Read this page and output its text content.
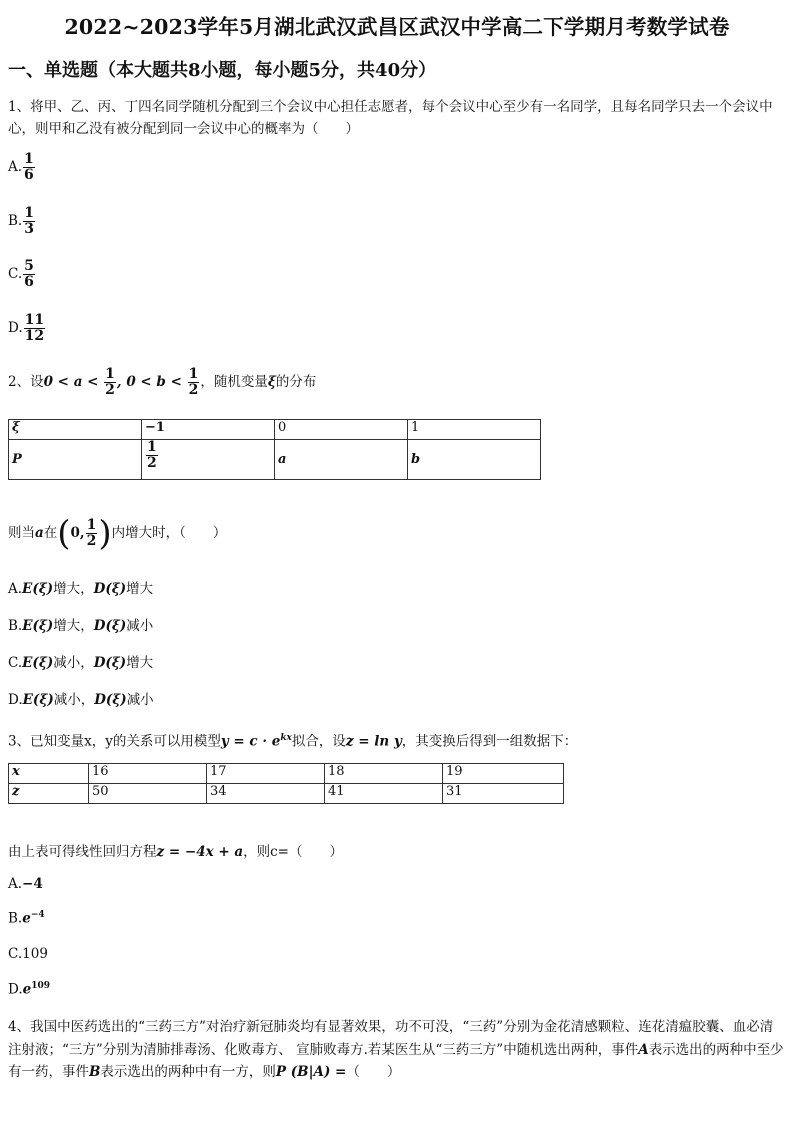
2022~2023学年5月湖北武汉武昌区武汉中学高二下学期月考数学试卷
一、单选题（本大题共8小题，每小题5分，共40分）
1、将甲、乙、丙、丁四名同学随机分配到三个会议中心担任志愿者，每个会议中心至少有一名同学，且每名同学只去一个会议中心，则甲和乙没有被分配到同一会议中心的概率为（　　）
A. $\frac{1}{6}$
B. $\frac{1}{3}$
C. $\frac{5}{6}$
D. $\frac{11}{12}$
2、设$0 < a < \frac{1}{2}$ , $0 < b < \frac{1}{2}$ ，随机变量ξ的分布
ξ	−1	0	1
P	$\frac{1}{2}$	a	b
则当a在(0, $\frac{1}{2}$ )内增大时，（　　）
A.E(ξ)增大，D(ξ)增大
B.E(ξ)增大，D(ξ)减小
C.E(ξ)减小，D(ξ)增大
D.E(ξ)减小，D(ξ)减小
3、已知变量x，y的关系可以用模型$y = c \cdot e^{kx}$拟合，设z = ln y，其变换后得到一组数据下：
x	16	17	18	19
z	50	34	41	31
由上表可得线性回归方程z = −4x + a，则c=（　　）
A.−4
$B.e^{-4}$
C.109
$D.e^{109}$
4、我国中医药选出的“三药三方”对治疗新冠肺炎均有显著效果，功不可没，“三药”分别为金花清感颗粒、连花清瘟胶囊、血必清注射液；“三方”分别为清肺排毒汤、化败毒方、 宣肺败毒方.若某医生从“三药三方”中随机选出两种，事件A表示选出的两种中至少有一药，事件B表示选出的两种中有一方，则P (B|A) =（　　）
